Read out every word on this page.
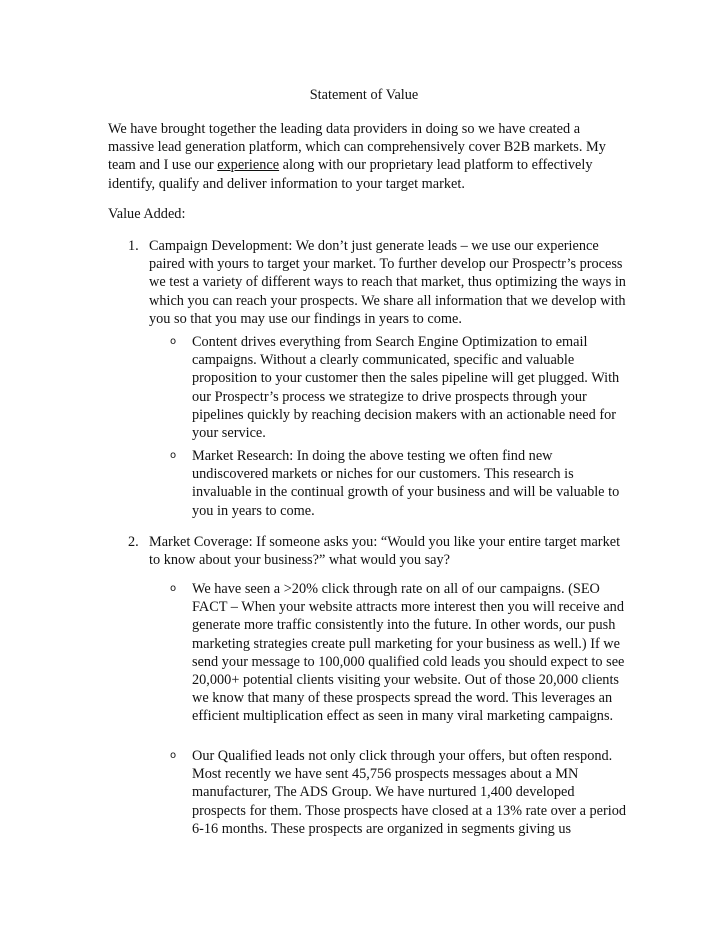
Statement of Value
We have brought together the leading data providers in doing so we have created a massive lead generation platform, which can comprehensively cover B2B markets. My team and I use our experience along with our proprietary lead platform to effectively identify, qualify and deliver information to your target market.
Value Added:
1. Campaign Development: We don’t just generate leads – we use our experience paired with yours to target your market. To further develop our Prospectr’s process we test a variety of different ways to reach that market, thus optimizing the ways in which you can reach your prospects. We share all information that we develop with you so that you may use our findings in years to come.
o Content drives everything from Search Engine Optimization to email campaigns. Without a clearly communicated, specific and valuable proposition to your customer then the sales pipeline will get plugged. With our Prospectr’s process we strategize to drive prospects through your pipelines quickly by reaching decision makers with an actionable need for your service.
o Market Research: In doing the above testing we often find new undiscovered markets or niches for our customers. This research is invaluable in the continual growth of your business and will be valuable to you in years to come.
2. Market Coverage: If someone asks you: “Would you like your entire target market to know about your business?” what would you say?
o We have seen a >20% click through rate on all of our campaigns. (SEO FACT – When your website attracts more interest then you will receive and generate more traffic consistently into the future. In other words, our push marketing strategies create pull marketing for your business as well.) If we send your message to 100,000 qualified cold leads you should expect to see 20,000+ potential clients visiting your website. Out of those 20,000 clients we know that many of these prospects spread the word. This leverages an efficient multiplication effect as seen in many viral marketing campaigns.
o Our Qualified leads not only click through your offers, but often respond. Most recently we have sent 45,756 prospects messages about a MN manufacturer, The ADS Group. We have nurtured 1,400 developed prospects for them. Those prospects have closed at a 13% rate over a period 6-16 months. These prospects are organized in segments giving us
